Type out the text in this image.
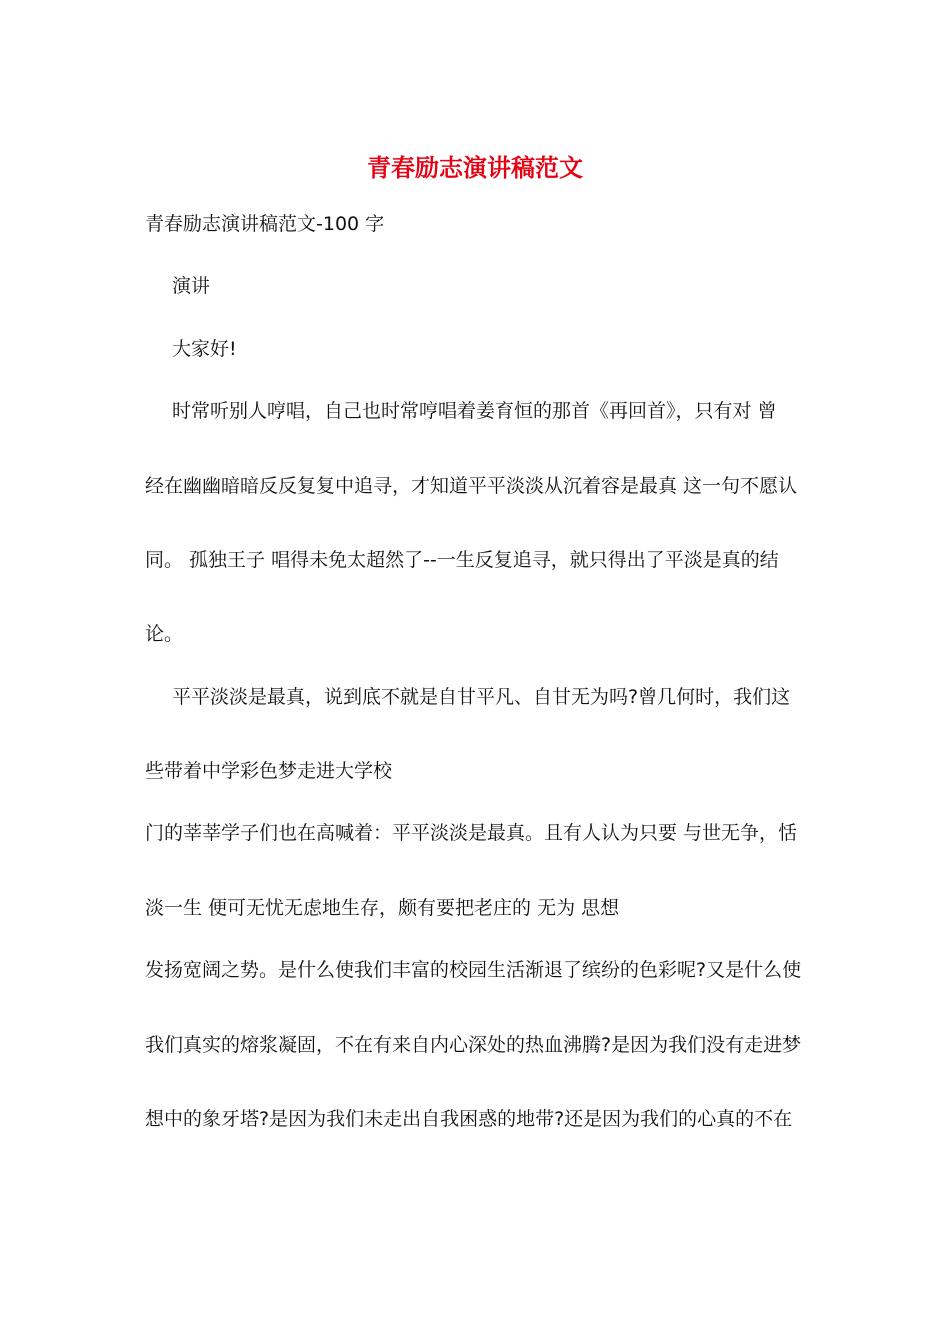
青春励志演讲稿范文
青春励志演讲稿范文-100 字
演讲
大家好!
时常听别人哼唱，自己也时常哼唱着姜育恒的那首《再回首》，只有对 曾
经在幽幽暗暗反反复复中追寻，才知道平平淡淡从沉着容是最真 这一句不愿认
同。 孤独王子 唱得未免太超然了--一生反复追寻，就只得出了平淡是真的结
论。
平平淡淡是最真，说到底不就是自甘平凡、自甘无为吗?曾几何时，我们这
些带着中学彩色梦走进大学校
门的莘莘学子们也在高喊着：平平淡淡是最真。且有人认为只要 与世无争，恬
淡一生 便可无忧无虑地生存，颇有要把老庄的 无为 思想
发扬宽阔之势。是什么使我们丰富的校园生活渐退了缤纷的色彩呢?又是什么使
我们真实的熔浆凝固，不在有来自内心深处的热血沸腾?是因为我们没有走进梦
想中的象牙塔?是因为我们未走出自我困惑的地带?还是因为我们的心真的不在
